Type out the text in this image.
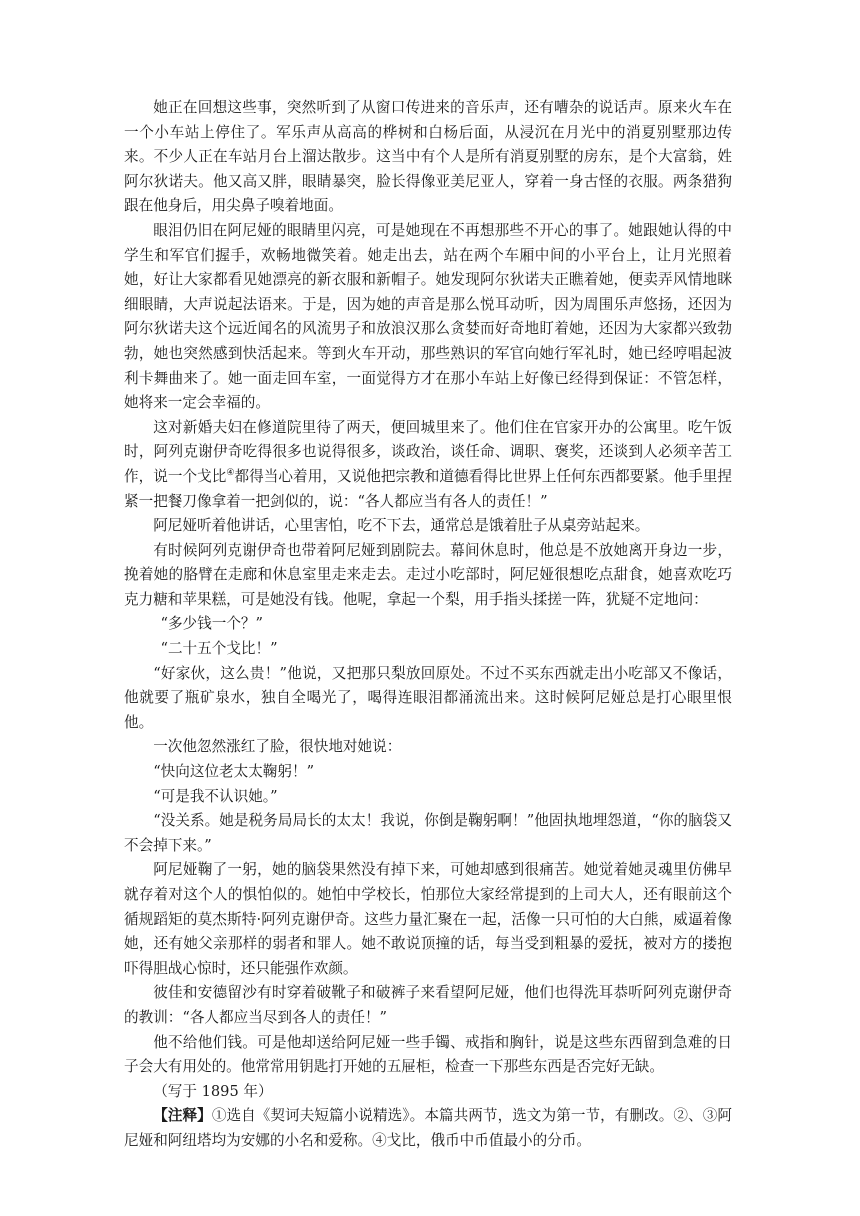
她正在回想这些事，突然听到了从窗口传进来的音乐声，还有嘈杂的说话声。原来火车在一个小车站上停住了。军乐声从高高的桦树和白杨后面，从浸沉在月光中的消夏别墅那边传来。不少人正在车站月台上溜达散步。这当中有个人是所有消夏别墅的房东，是个大富翁，姓阿尔狄诺夫。他又高又胖，眼睛暴突，脸长得像亚美尼亚人，穿着一身古怪的衣服。两条猎狗跟在他身后，用尖鼻子嗅着地面。

眼泪仍旧在阿尼娅的眼睛里闪亮，可是她现在不再想那些不开心的事了。她跟她认得的中学生和军官们握手，欢畅地微笑着。她走出去，站在两个车厢中间的小平台上，让月光照着她，好让大家都看见她漂亮的新衣服和新帽子。她发现阿尔狄诺夫正瞧着她，便卖弄风情地眯细眼睛，大声说起法语来。于是，因为她的声音是那么悦耳动听，因为周围乐声悠扬，还因为阿尔狄诺夫这个远近闻名的风流男子和放浪汉那么贪婪而好奇地盯着她，还因为大家都兴致勃勃，她也突然感到快活起来。等到火车开动，那些熟识的军官向她行军礼时，她已经哼唱起波利卡舞曲来了。她一面走回车室，一面觉得方才在那小车站上好像已经得到保证：不管怎样，她将来一定会幸福的。

这对新婚夫妇在修道院里待了两天，便回城里来了。他们住在官家开办的公寓里。吃午饭时，阿列克谢伊奇吃得很多也说得很多，谈政治，谈任命、调职、褒奖，还谈到人必须辛苦工作，说一个戈比④都得当心着用，又说他把宗教和道德看得比世界上任何东西都要紧。他手里捏紧一把餐刀像拿着一把剑似的，说：“各人都应当有各人的责任！”

阿尼娅听着他讲话，心里害怕，吃不下去，通常总是饿着肚子从桌旁站起来。

有时候阿列克谢伊奇也带着阿尼娅到剧院去。幕间休息时，他总是不放她离开身边一步，挽着她的胳臂在走廊和休息室里走来走去。走过小吃部时，阿尼娅很想吃点甜食，她喜欢吃巧克力糖和苹果糕，可是她没有钱。他呢，拿起一个梨，用手指头揉搓一阵，犹疑不定地问：

“多少钱一个？”

“二十五个戈比！”

“好家伙，这么贵！”他说，又把那只梨放回原处。不过不买东西就走出小吃部又不像话，他就要了瓶矿泉水，独自全喝光了，喝得连眼泪都涌流出来。这时候阿尼娅总是打心眼里恨他。

一次他忽然涨红了脸，很快地对她说：

“快向这位老太太鞠躬！”

“可是我不认识她。”

“没关系。她是税务局局长的太太！我说，你倒是鞠躬啊！”他固执地埋怨道，“你的脑袋又不会掉下来。”

阿尼娅鞠了一躬，她的脑袋果然没有掉下来，可她却感到很痛苦。她觉着她灵魂里仿佛早就存着对这个人的惧怕似的。她怕中学校长，怕那位大家经常提到的上司大人，还有眼前这个循规蹈矩的莫杰斯特·阿列克谢伊奇。这些力量汇聚在一起，活像一只可怕的大白熊，威逼着像她，还有她父亲那样的弱者和罪人。她不敢说顶撞的话，每当受到粗暴的爱抚，被对方的搂抱吓得胆战心惊时，还只能强作欢颜。

彼佳和安德留沙有时穿着破靴子和破裤子来看望阿尼娅，他们也得洗耳恭听阿列克谢伊奇的教训：“各人都应当尽到各人的责任！”

他不给他们钱。可是他却送给阿尼娅一些手镯、戒指和胸针，说是这些东西留到急难的日子会大有用处的。他常常用钥匙打开她的五屉柜，检查一下那些东西是否完好无缺。

（写于 1895 年）

【注释】①选自《契诃夫短篇小说精选》。本篇共两节，选文为第一节，有删改。②、③阿尼娅和阿纽塔均为安娜的小名和爱称。④戈比，俄币中币值最小的分币。
